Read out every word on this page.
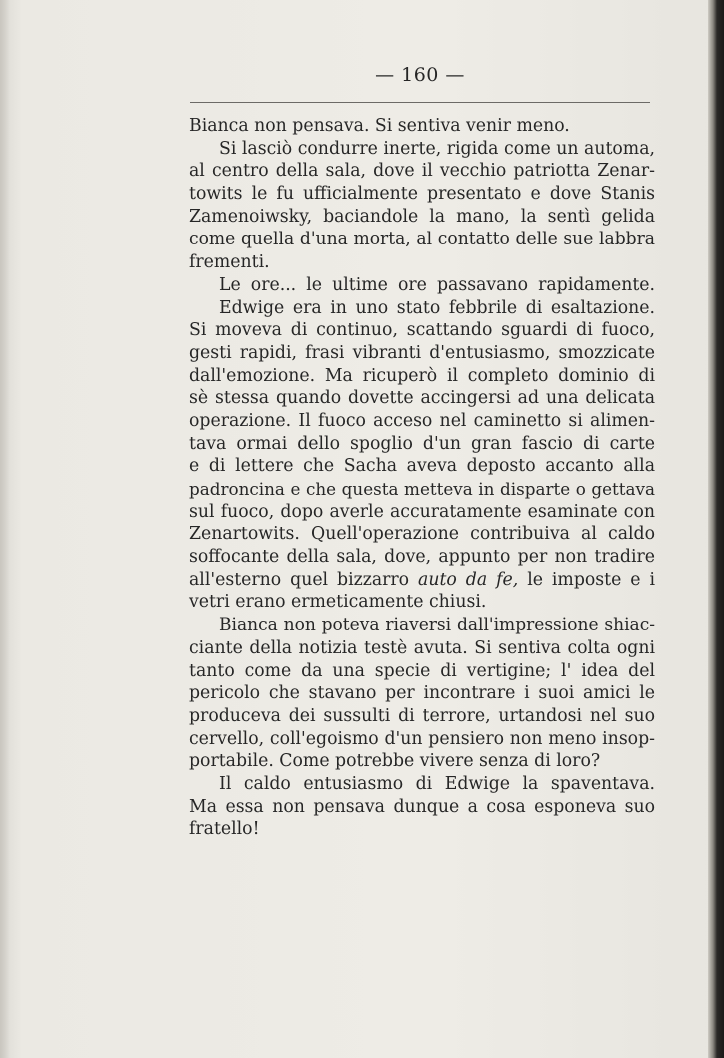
— 160 —
Bianca non pensava. Si sentiva venir meno.
Si lasciò condurre inerte, rigida come un automa,
al centro della sala, dove il vecchio patriotta Zenar-
towits le fu ufficialmente presentato e dove Stanis
Zamenoiwsky, baciandole la mano, la sentì gelida
come quella d'una morta, al contatto delle sue labbra
frementi.
Le ore... le ultime ore passavano rapidamente.
Edwige era in uno stato febbrile di esaltazione.
Si moveva di continuo, scattando sguardi di fuoco,
gesti rapidi, frasi vibranti d'entusiasmo, smozzicate
dall'emozione. Ma ricuperò il completo dominio di
sè stessa quando dovette accingersi ad una delicata
operazione. Il fuoco acceso nel caminetto si alimen-
tava ormai dello spoglio d'un gran fascio di carte
e di lettere che Sacha aveva deposto accanto alla
padroncina e che questa metteva in disparte o gettava
sul fuoco, dopo averle accuratamente esaminate con
Zenartowits. Quell'operazione contribuiva al caldo
soffocante della sala, dove, appunto per non tradire
all'esterno quel bizzarro auto da fe, le imposte e i
vetri erano ermeticamente chiusi.
Bianca non poteva riaversi dall'impressione shiac-
ciante della notizia testè avuta. Si sentiva colta ogni
tanto come da una specie di vertigine; l' idea del
pericolo che stavano per incontrare i suoi amici le
produceva dei sussulti di terrore, urtandosi nel suo
cervello, coll'egoismo d'un pensiero non meno insop-
portabile. Come potrebbe vivere senza di loro?
Il caldo entusiasmo di Edwige la spaventava.
Ma essa non pensava dunque a cosa esponeva suo
fratello!
